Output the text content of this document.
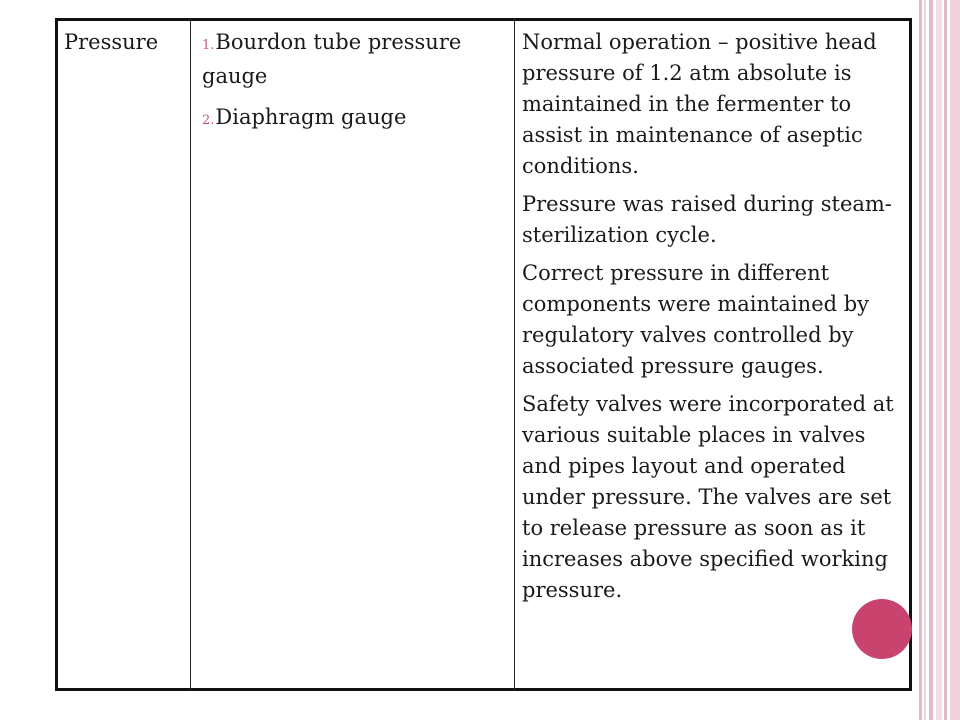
Pressure	1.Bourdon tube pressure gauge
2.Diaphragm gauge

Normal operation – positive head pressure of 1.2 atm absolute is maintained in the fermenter to assist in maintenance of aseptic conditions.

Pressure was raised during steam-sterilization cycle.

Correct pressure in different components were maintained by regulatory valves controlled by associated pressure gauges.

Safety valves were incorporated at various suitable places in valves and pipes layout and operated under pressure. The valves are set to release pressure as soon as it increases above specified working pressure.
